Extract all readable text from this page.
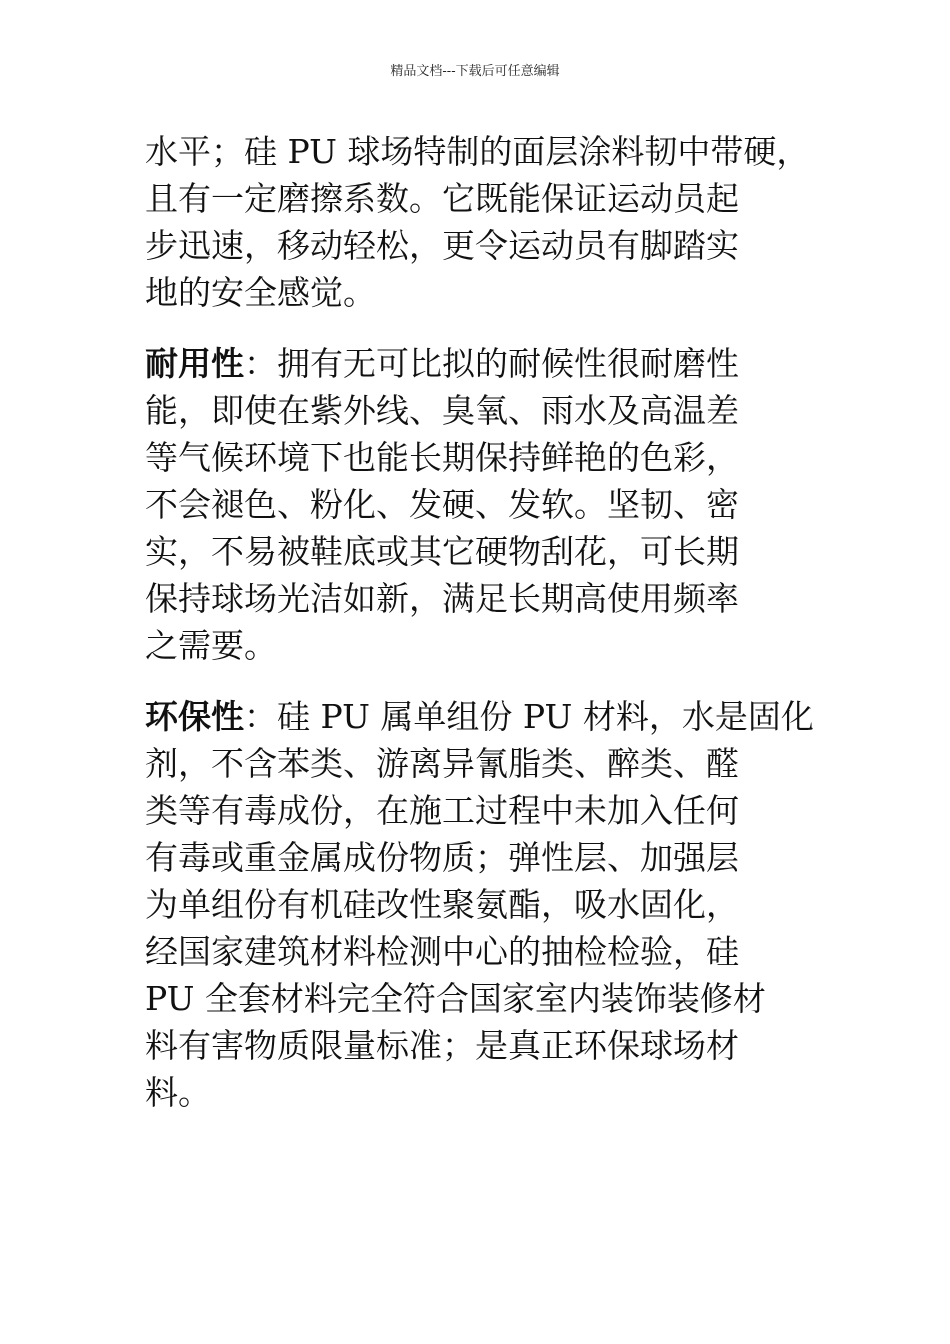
精品文档---下载后可任意编辑

水平；硅 PU 球场特制的面层涂料韧中带硬，
且有一定磨擦系数。它既能保证运动员起
步迅速，移动轻松，更令运动员有脚踏实
地的安全感觉。

耐用性：拥有无可比拟的耐候性很耐磨性
能，即使在紫外线、臭氧、雨水及高温差
等气候环境下也能长期保持鲜艳的色彩，
不会褪色、粉化、发硬、发软。坚韧、密
实，不易被鞋底或其它硬物刮花，可长期
保持球场光洁如新，满足长期高使用频率
之需要。

环保性：硅 PU 属单组份 PU 材料，水是固化
剂，不含苯类、游离异氰脂类、醉类、醛
类等有毒成份，在施工过程中未加入任何
有毒或重金属成份物质；弹性层、加强层
为单组份有机硅改性聚氨酯，吸水固化，
经国家建筑材料检测中心的抽检检验，硅
PU 全套材料完全符合国家室内装饰装修材
料有害物质限量标准；是真正环保球场材
料。
